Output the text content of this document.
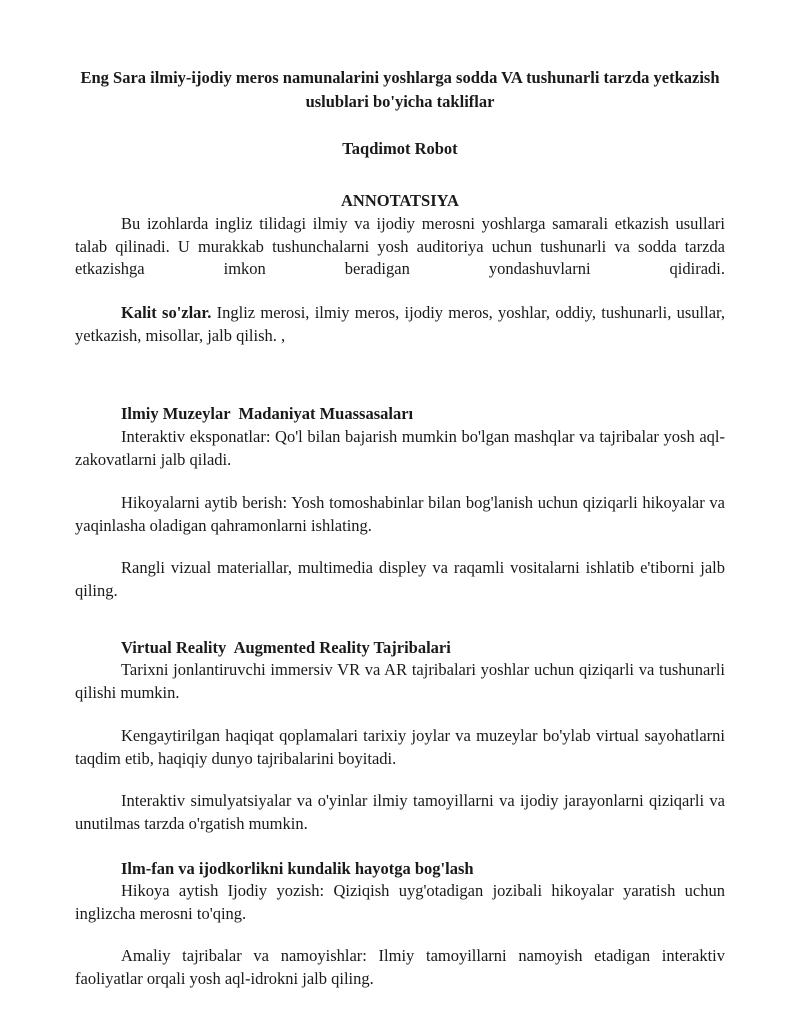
Eng Sara ilmiy-ijodiy meros namunalarini yoshlarga sodda VA tushunarli tarzda yetkazish uslublari bo'yicha takliflar
Taqdimot Robot
ANNOTATSIYA

Bu izohlarda ingliz tilidagi ilmiy va ijodiy merosni yoshlarga samarali etkazish usullari talab qilinadi. U murakkab tushunchalarni yosh auditoriya uchun tushunarli va sodda tarzda etkazishga imkon beradigan yondashuvlarni qidiradi.

Kalit so'zlar. Ingliz merosi, ilmiy meros, ijodiy meros, yoshlar, oddiy, tushunarli, usullar, yetkazish, misollar, jalb qilish. ,

Ilmiy Muzeylar  Madaniyat Muassasaları

Interaktiv eksponatlar: Qo'l bilan bajarish mumkin bo'lgan mashqlar va tajribalar yosh aql-zakovatlarni jalb qiladi.

Hikoyalarni aytib berish: Yosh tomoshabinlar bilan bog'lanish uchun qiziqarli hikoyalar va yaqinlasha oladigan qahramonlarni ishlating.

Rangli vizual materiallar, multimedia displey va raqamli vositalarni ishlatib e'tiborni jalb qiling.

Virtual Reality  Augmented Reality Tajribalari

Tarixni jonlantiruvchi immersiv VR va AR tajribalari yoshlar uchun qiziqarli va tushunarli qilishi mumkin.

Kengaytirilgan haqiqat qoplamalari tarixiy joylar va muzeylar bo'ylab virtual sayohatlarni taqdim etib, haqiqiy dunyo tajribalarini boyitadi.

Interaktiv simulyatsiyalar va o'yinlar ilmiy tamoyillarni va ijodiy jarayonlarni qiziqarli va unutilmas tarzda o'rgatish mumkin.

Ilm-fan va ijodkorlikni kundalik hayotga bog'lash

Hikoya aytish Ijodiy yozish: Qiziqish uyg'otadigan jozibali hikoyalar yaratish uchun inglizcha merosni to'qing.

Amaliy tajribalar va namoyishlar: Ilmiy tamoyillarni namoyish etadigan interaktiv faoliyatlar orqali yosh aql-idrokni jalb qiling.
